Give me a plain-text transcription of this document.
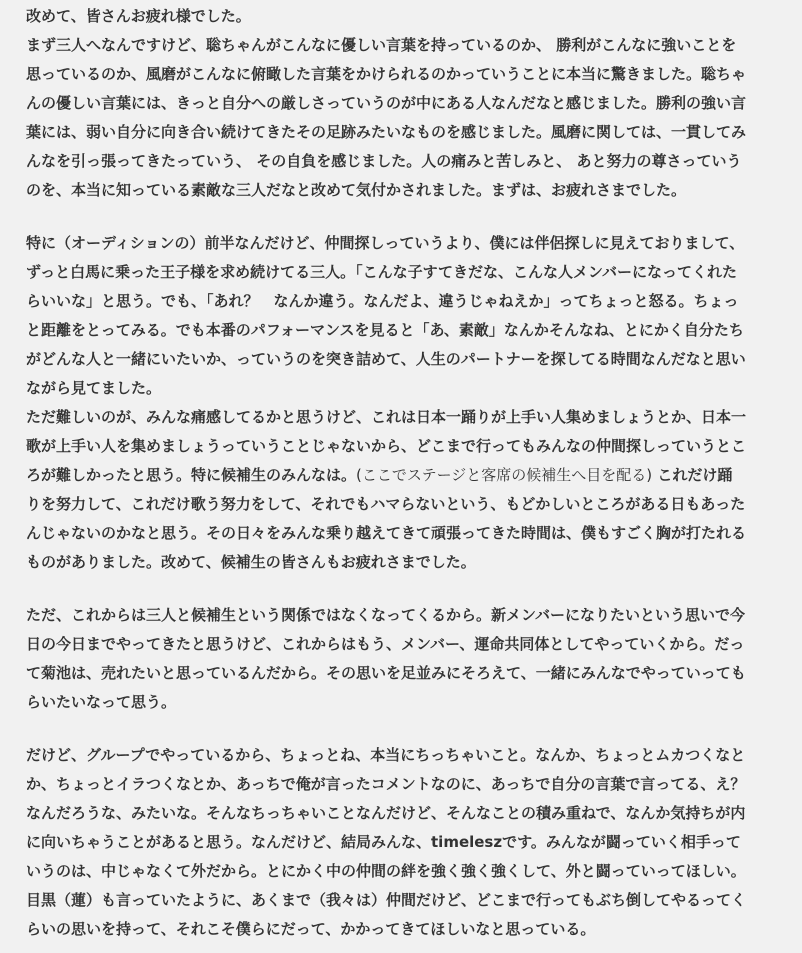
改めて、皆さんお疲れ様でした。
まず三人へなんですけど、聡ちゃんがこんなに優しい言葉を持っているのか、 勝利がこんなに強いことを
思っているのか、風磨がこんなに俯瞰した言葉をかけられるのかっていうことに本当に驚きました。聡ちゃ
んの優しい言葉には、きっと自分への厳しさっていうのが中にある人なんだなと感じました。勝利の強い言
葉には、弱い自分に向き合い続けてきたその足跡みたいなものを感じました。風磨に関しては、一貫してみ
んなを引っ張ってきたっていう、 その自負を感じました。人の痛みと苦しみと、 あと努力の尊さっていう
のを、本当に知っている素敵な三人だなと改めて気付かされました。まずは、お疲れさまでした。

特に（オーディションの）前半なんだけど、仲間探しっていうより、僕には伴侶探しに見えておりまして、
ずっと白馬に乗った王子様を求め続けてる三人。「こんな子すてきだな、こんな人メンバーになってくれた
らいいな」と思う。でも、「あれ？　なんか違う。なんだよ、違うじゃねえか」ってちょっと怒る。ちょっ
と距離をとってみる。でも本番のパフォーマンスを見ると「あ、素敵」なんかそんなね、とにかく自分たち
がどんな人と一緒にいたいか、っていうのを突き詰めて、人生のパートナーを探してる時間なんだなと思い
ながら見てました。
ただ難しいのが、みんな痛感してるかと思うけど、これは日本一踊りが上手い人集めましょうとか、日本一
歌が上手い人を集めましょうっていうことじゃないから、どこまで行ってもみんなの仲間探しっていうとこ
ろが難しかったと思う。特に候補生のみんなは。(ここでステージと客席の候補生へ目を配る) これだけ踊
りを努力して、これだけ歌う努力をして、それでもハマらないという、もどかしいところがある日もあった
んじゃないのかなと思う。その日々をみんな乗り越えてきて頑張ってきた時間は、僕もすごく胸が打たれる
ものがありました。改めて、候補生の皆さんもお疲れさまでした。

ただ、これからは三人と候補生という関係ではなくなってくるから。新メンバーになりたいという思いで今
日の今日までやってきたと思うけど、これからはもう、メンバー、運命共同体としてやっていくから。だっ
て菊池は、売れたいと思っているんだから。その思いを足並みにそろえて、一緒にみんなでやっていっても
らいたいなって思う。

だけど、グループでやっているから、ちょっとね、本当にちっちゃいこと。なんか、ちょっとムカつくなと
か、ちょっとイラつくなとか、あっちで俺が言ったコメントなのに、あっちで自分の言葉で言ってる、え？
なんだろうな、みたいな。そんなちっちゃいことなんだけど、そんなことの積み重ねで、なんか気持ちが内
に向いちゃうことがあると思う。なんだけど、結局みんな、timeleszです。みんなが闘っていく相手って
いうのは、中じゃなくて外だから。とにかく中の仲間の絆を強く強く強くして、外と闘っていってほしい。
目黒（蓮）も言っていたように、あくまで（我々は）仲間だけど、どこまで行ってもぶち倒してやるってく
らいの思いを持って、それこそ僕らにだって、かかってきてほしいなと思っている。
